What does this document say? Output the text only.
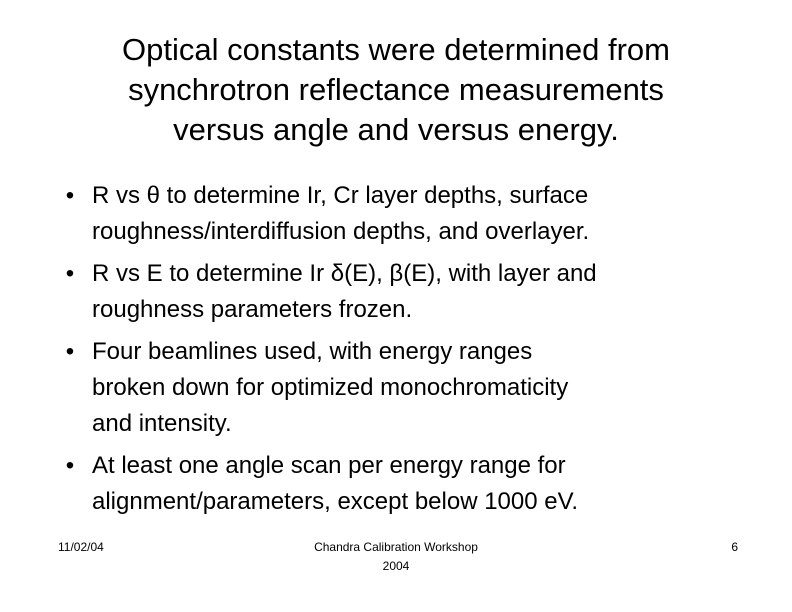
Optical constants were determined from
synchrotron reflectance measurements
versus angle and versus energy.
• R vs θ to determine Ir, Cr layer depths, surface
roughness/interdiffusion depths, and overlayer.
• R vs E to determine Ir δ(E), β(E), with layer and
roughness parameters frozen.
• Four beamlines used, with energy ranges
broken down for optimized monochromaticity
and intensity.
• At least one angle scan per energy range for
alignment/parameters, except below 1000 eV.
11/02/04	Chandra Calibration Workshop
2004
6
